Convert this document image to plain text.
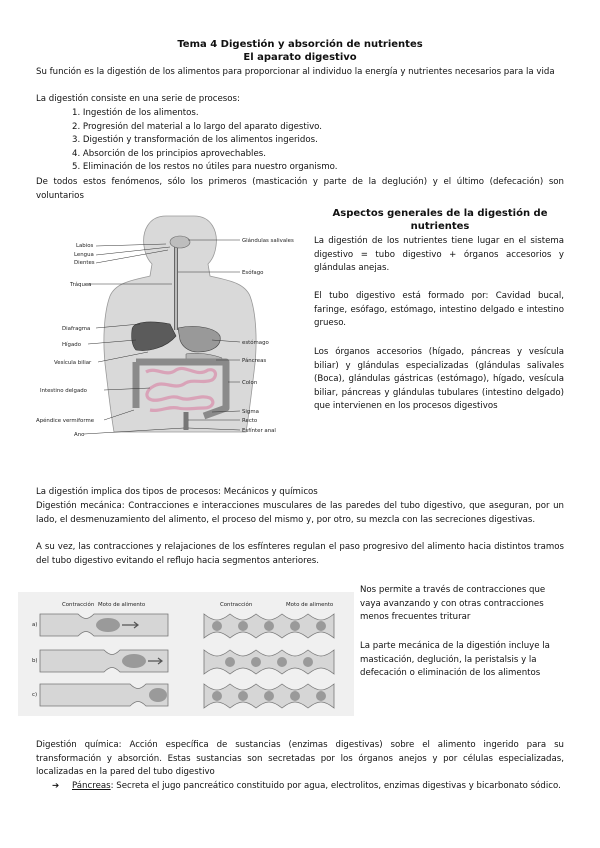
Tema 4 Digestión y absorción de nutrientes
El aparato digestivo
Su función es la digestión de los alimentos para proporcionar al individuo la energía y nutrientes necesarios para la vida
La digestión consiste en una serie de procesos:
1. Ingestión de los alimentos.
2. Progresión del material a lo largo del aparato digestivo.
3. Digestión y transformación de los alimentos ingeridos.
4. Absorción de los principios aprovechables.
5. Eliminación de los restos no útiles para nuestro organismo.
De todos estos fenómenos, sólo los primeros (masticación y parte de la deglución) y el último (defecación) son voluntarios
Labios
Lengua
Dientes
Tráquea
Diafragma
Hígado
Vesícula biliar
Intestino delgado
Apéndice vermiforme
Ano
Glándulas salivales
Esófago
estómago
Páncreas
Colon
Sigma
Recto
Esfínter anal
Aspectos generales de la digestión de nutrientes
La digestión de los nutrientes tiene lugar en el sistema digestivo = tubo digestivo + órganos accesorios y glándulas anejas.
El tubo digestivo está formado por: Cavidad bucal, faringe, esófago, estómago, intestino delgado e intestino grueso.
Los órganos accesorios (hígado, páncreas y vesícula biliar) y glándulas especializadas (glándulas salivales (Boca), glándulas gástricas (estómago), hígado, vesícula biliar, páncreas y glándulas tubulares (intestino delgado) que intervienen en los procesos digestivos
La digestión implica dos tipos de procesos: Mecánicos y químicos
Digestión mecánica: Contracciones e interacciones musculares de las paredes del tubo digestivo, que aseguran, por un lado, el desmenuzamiento del alimento, el proceso del mismo y, por otro, su mezcla con las secreciones digestivas.
A su vez, las contracciones y relajaciones de los esfínteres regulan el paso progresivo del alimento hacia distintos tramos del tubo digestivo evitando el reflujo hacia segmentos anteriores.
Contracción Moto de alimento	Contracción	Moto de alimento
a)
b)
c)
Nos permite a través de contracciones que vaya avanzando y con otras contracciones menos frecuentes triturar
La parte mecánica de la digestión incluye la masticación, deglución, la peristalsis y la defecación o eliminación de los alimentos
Digestión química: Acción específica de sustancias (enzimas digestivas) sobre el alimento ingerido para su transformación y absorción. Estas sustancias son secretadas por los órganos anejos y por células especializadas, localizadas en la pared del tubo digestivo
➔	Páncreas: Secreta el jugo pancreático constituido por agua, electrolitos, enzimas digestivas y bicarbonato sódico.
